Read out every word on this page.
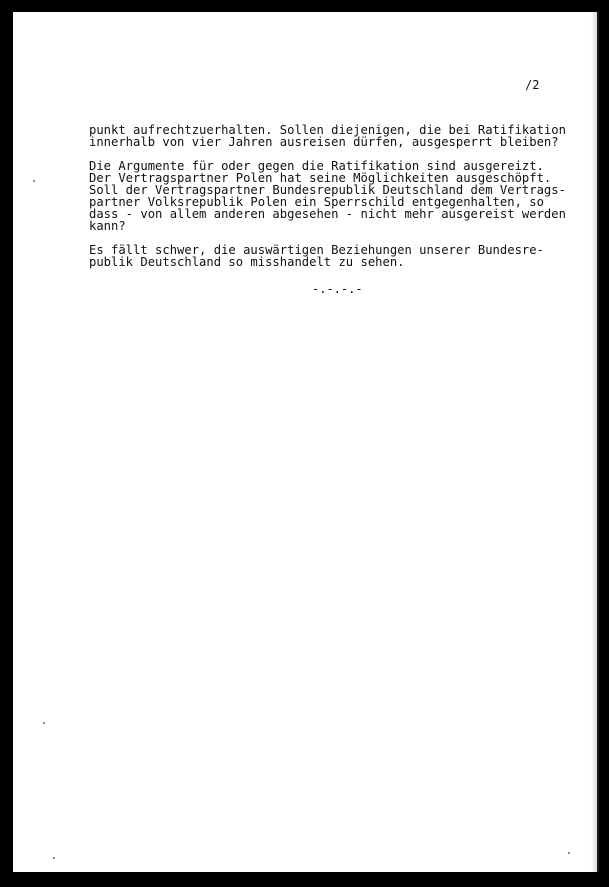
/2

punkt aufrechtzuerhalten. Sollen diejenigen, die bei Ratifikation

innerhalb von vier Jahren ausreisen dürfen, ausgesperrt bleiben?

Die Argumente für oder gegen die Ratifikation sind ausgereizt.

Der Vertragspartner Polen hat seine Möglichkeiten ausgeschöpft.

Soll der Vertragspartner Bundesrepublik Deutschland dem Vertrags-

partner Volksrepublik Polen ein Sperrschild entgegenhalten, so

dass - von allem anderen abgesehen - nicht mehr ausgereist werden

kann?

Es fällt schwer, die auswärtigen Beziehungen unserer Bundesre-

publik Deutschland so misshandelt zu sehen.

-.-.-.-
